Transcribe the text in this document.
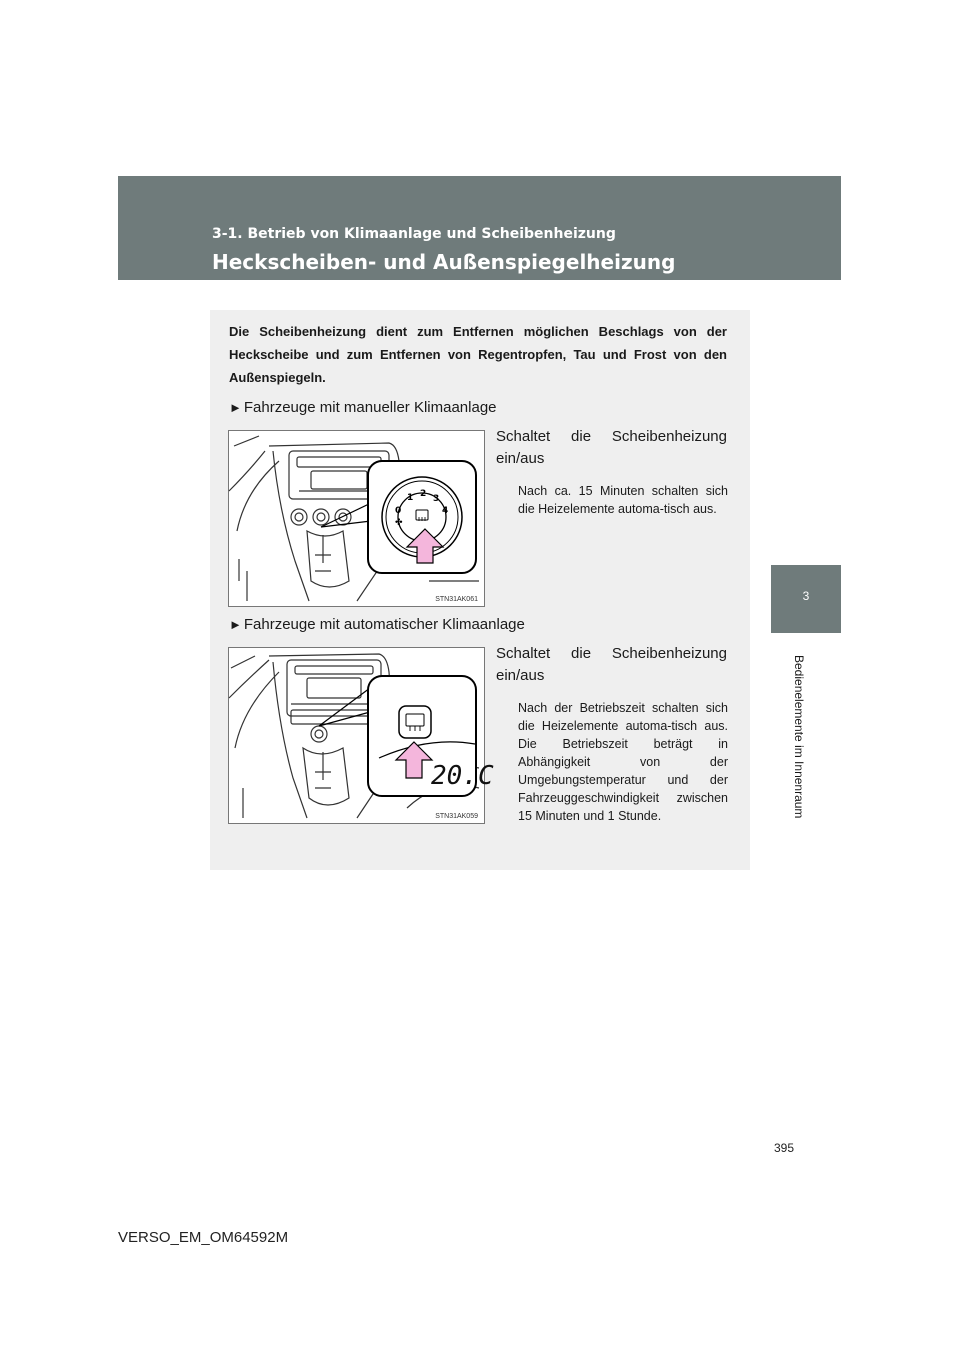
3-1. Betrieb von Klimaanlage und Scheibenheizung

Heckscheiben- und Außenspiegelheizung

3
Bedienelemente im Innenraum

Die Scheibenheizung dient zum Entfernen möglichen Beschlags von der Heckscheibe und zum Entfernen von Regentropfen, Tau und Frost von den Außenspiegeln.

► Fahrzeuge mit manueller Klimaanlage

0
1 2 3
4
✤
STN31AK061

Schaltet die Scheibenheizung ein/aus

Nach ca. 15 Minuten schalten sich die Heizelemente automa-tisch aus.

► Fahrzeuge mit automatischer Klimaanlage

20.C
STN31AK059

Schaltet die Scheibenheizung ein/aus

Nach der Betriebszeit schalten sich die Heizelemente automa-tisch aus. Die Betriebszeit beträgt in Abhängigkeit von der Umgebungstemperatur und der Fahrzeuggeschwindigkeit zwischen 15 Minuten und 1 Stunde.

395
VERSO_EM_OM64592M
